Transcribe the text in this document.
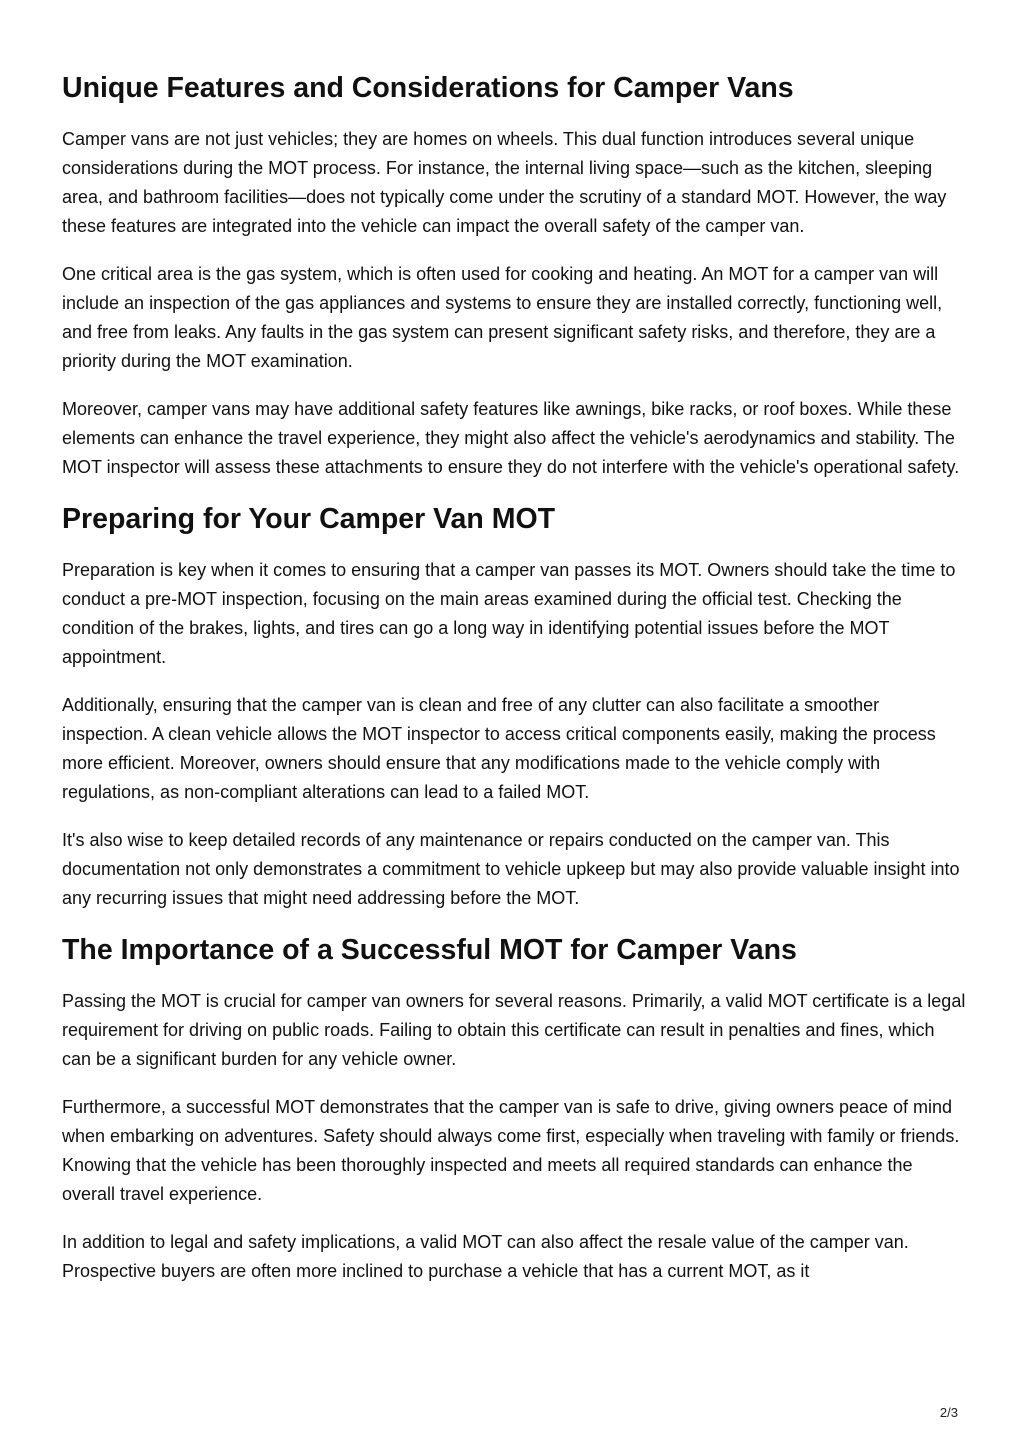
Unique Features and Considerations for Camper Vans

Camper vans are not just vehicles; they are homes on wheels. This dual function introduces several unique considerations during the MOT process. For instance, the internal living space—such as the kitchen, sleeping area, and bathroom facilities—does not typically come under the scrutiny of a standard MOT. However, the way these features are integrated into the vehicle can impact the overall safety of the camper van.

One critical area is the gas system, which is often used for cooking and heating. An MOT for a camper van will include an inspection of the gas appliances and systems to ensure they are installed correctly, functioning well, and free from leaks. Any faults in the gas system can present significant safety risks, and therefore, they are a priority during the MOT examination.

Moreover, camper vans may have additional safety features like awnings, bike racks, or roof boxes. While these elements can enhance the travel experience, they might also affect the vehicle's aerodynamics and stability. The MOT inspector will assess these attachments to ensure they do not interfere with the vehicle's operational safety.

Preparing for Your Camper Van MOT

Preparation is key when it comes to ensuring that a camper van passes its MOT. Owners should take the time to conduct a pre-MOT inspection, focusing on the main areas examined during the official test. Checking the condition of the brakes, lights, and tires can go a long way in identifying potential issues before the MOT appointment.

Additionally, ensuring that the camper van is clean and free of any clutter can also facilitate a smoother inspection. A clean vehicle allows the MOT inspector to access critical components easily, making the process more efficient. Moreover, owners should ensure that any modifications made to the vehicle comply with regulations, as non-compliant alterations can lead to a failed MOT.

It's also wise to keep detailed records of any maintenance or repairs conducted on the camper van. This documentation not only demonstrates a commitment to vehicle upkeep but may also provide valuable insight into any recurring issues that might need addressing before the MOT.

The Importance of a Successful MOT for Camper Vans

Passing the MOT is crucial for camper van owners for several reasons. Primarily, a valid MOT certificate is a legal requirement for driving on public roads. Failing to obtain this certificate can result in penalties and fines, which can be a significant burden for any vehicle owner.

Furthermore, a successful MOT demonstrates that the camper van is safe to drive, giving owners peace of mind when embarking on adventures. Safety should always come first, especially when traveling with family or friends. Knowing that the vehicle has been thoroughly inspected and meets all required standards can enhance the overall travel experience.

In addition to legal and safety implications, a valid MOT can also affect the resale value of the camper van. Prospective buyers are often more inclined to purchase a vehicle that has a current MOT, as it

2/3
